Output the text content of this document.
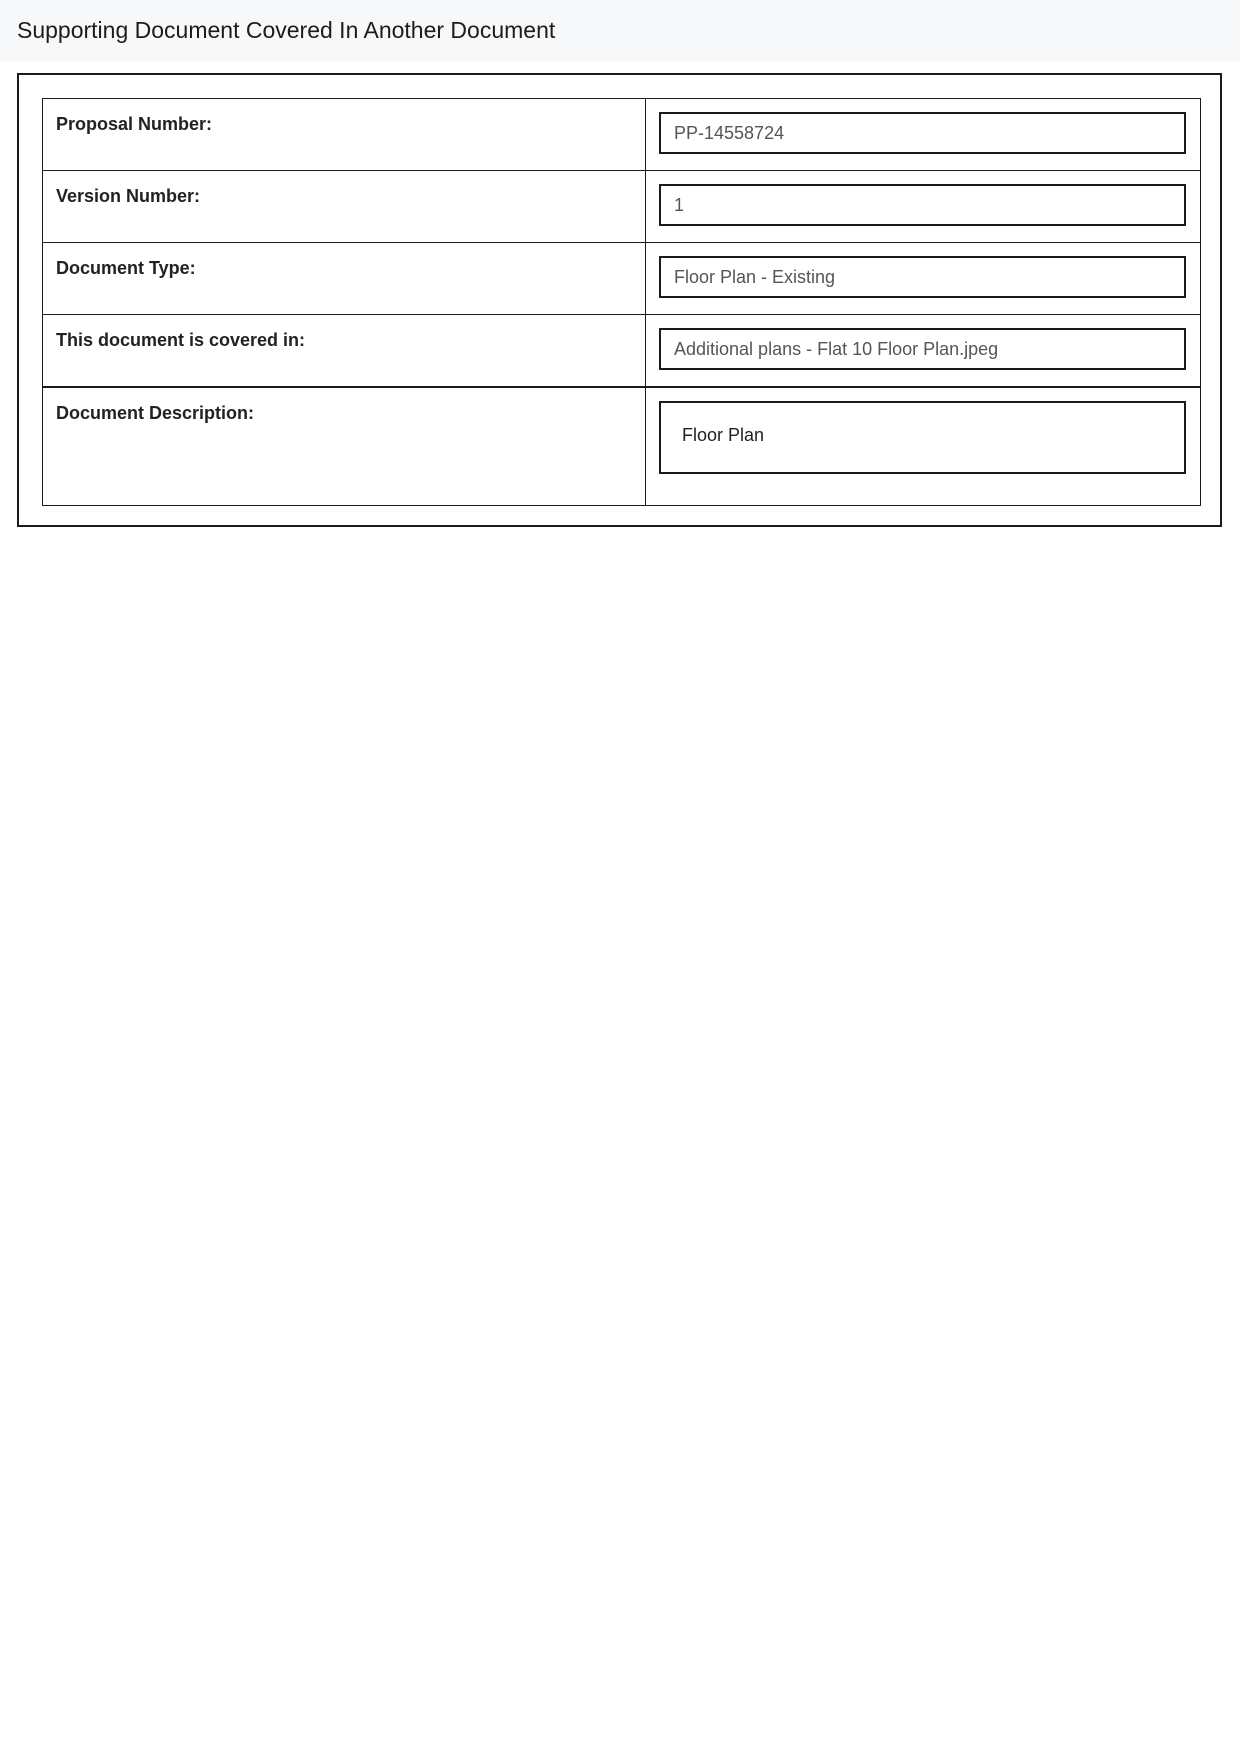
Supporting Document Covered In Another Document
Proposal Number:	PP-14558724

Version Number:	1

Document Type:	Floor Plan - Existing

This document is covered in:	Additional plans - Flat 10 Floor Plan.jpeg

Document Description:	Floor Plan
